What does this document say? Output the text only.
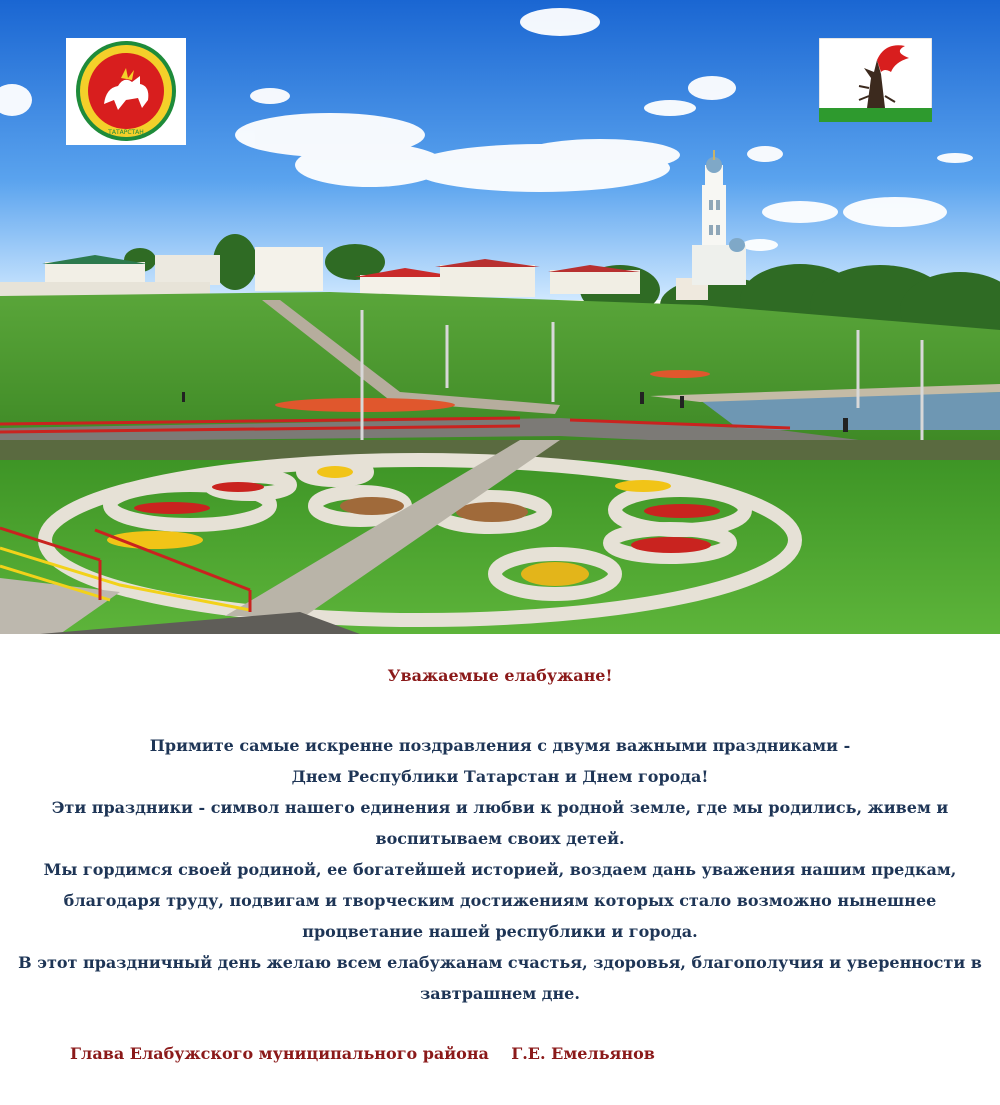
ТАТАРСТАН
Уважаемые елабужане!
Примите самые искренне поздравления с двумя важными праздниками -
Днем Республики Татарстан и Днем города!
Эти праздники - символ нашего единения и любви к родной земле, где мы родились, живем и
воспитываем своих детей.
Мы гордимся своей родиной, ее богатейшей историей, воздаем дань уважения нашим предкам,
благодаря труду, подвигам и творческим достижениям которых стало возможно нынешнее
процветание нашей республики и города.
В этот праздничный день желаю всем елабужанам счастья, здоровья, благополучия и уверенности в
завтрашнем дне.
Глава Елабужского муниципального района    Г.Е. Емельянов
